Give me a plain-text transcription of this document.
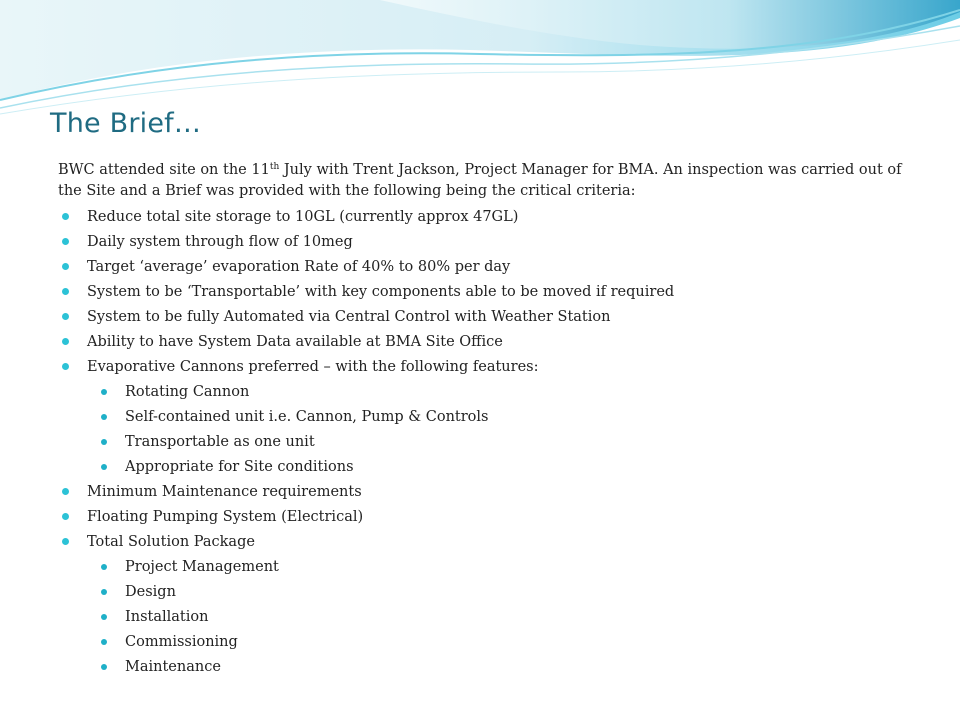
The Brief…
BWC attended site on the 11th July with Trent Jackson, Project Manager for BMA. An inspection was carried out of the Site and a Brief was provided with the following being the critical criteria:
Reduce total site storage to 10GL (currently approx 47GL)
Daily system through flow of 10meg
Target ‘average’ evaporation Rate of 40% to 80% per day
System to be ‘Transportable’ with key components able to be moved if required
System to be fully Automated via Central Control with Weather Station
Ability to have System Data available at BMA Site Office
Evaporative Cannons preferred – with the following features:
Rotating Cannon
Self-contained unit i.e. Cannon, Pump & Controls
Transportable as one unit
Appropriate for Site conditions
Minimum Maintenance requirements
Floating Pumping System (Electrical)
Total Solution Package
Project Management
Design
Installation
Commissioning
Maintenance
